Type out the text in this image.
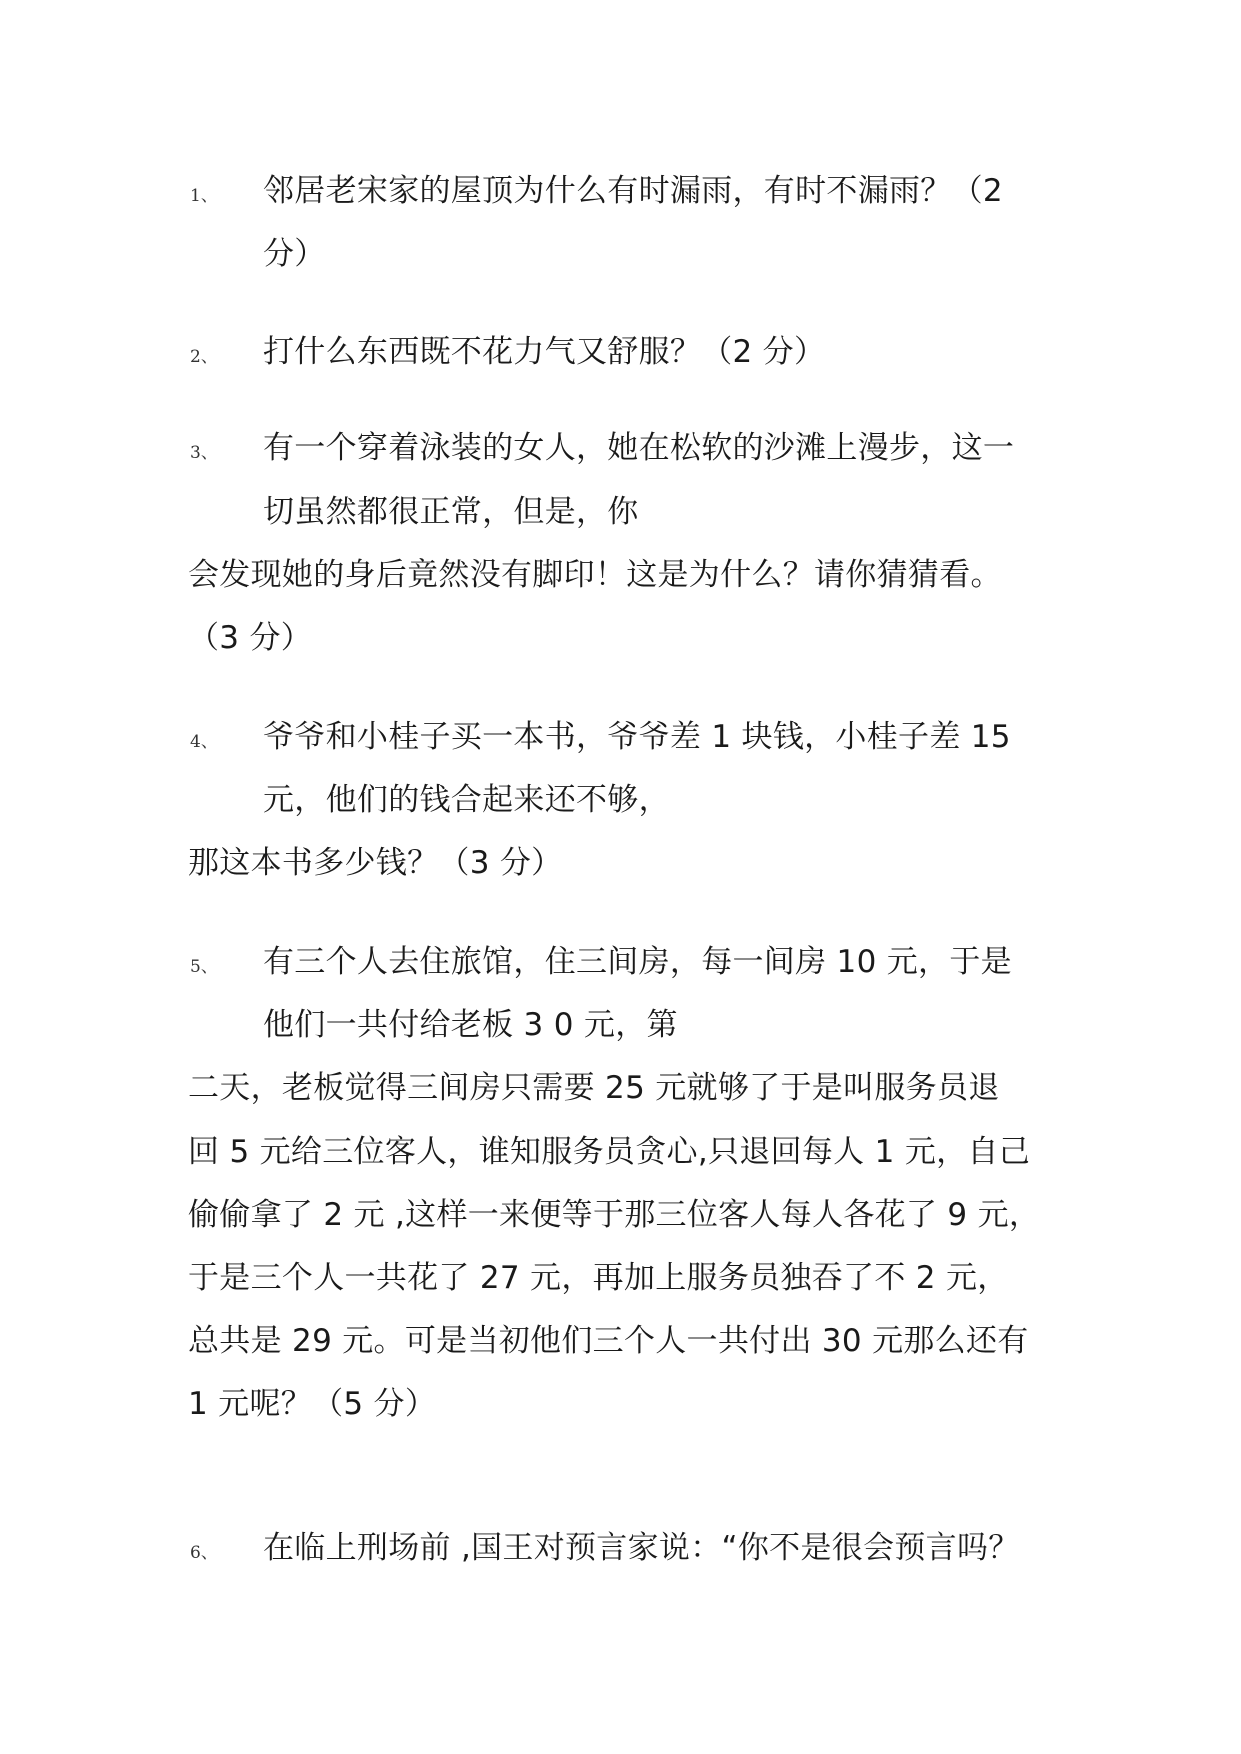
1、 邻居老宋家的屋顶为什么有时漏雨，有时不漏雨？（2
分）
2、 打什么东西既不花力气又舒服？（2 分）
3、 有一个穿着泳装的女人，她在松软的沙滩上漫步，这一
切虽然都很正常，但是，你
会发现她的身后竟然没有脚印！这是为什么？请你猜猜看。
（3 分）
4、 爷爷和小桂子买一本书，爷爷差 1 块钱，小桂子差 15
元，他们的钱合起来还不够，
那这本书多少钱？（3 分）
5、 有三个人去住旅馆，住三间房，每一间房 10 元，于是
他们一共付给老板 3 0 元，第
二天，老板觉得三间房只需要 25 元就够了于是叫服务员退
回 5 元给三位客人，谁知服务员贪心,只退回每人 1 元，自己
偷偷拿了 2 元 ,这样一来便等于那三位客人每人各花了 9 元，
于是三个人一共花了 27 元，再加上服务员独吞了不 2 元，
总共是 29 元。可是当初他们三个人一共付出 30 元那么还有
1 元呢？（5 分）
6、 在临上刑场前 ,国王对预言家说：“你不是很会预言吗？
